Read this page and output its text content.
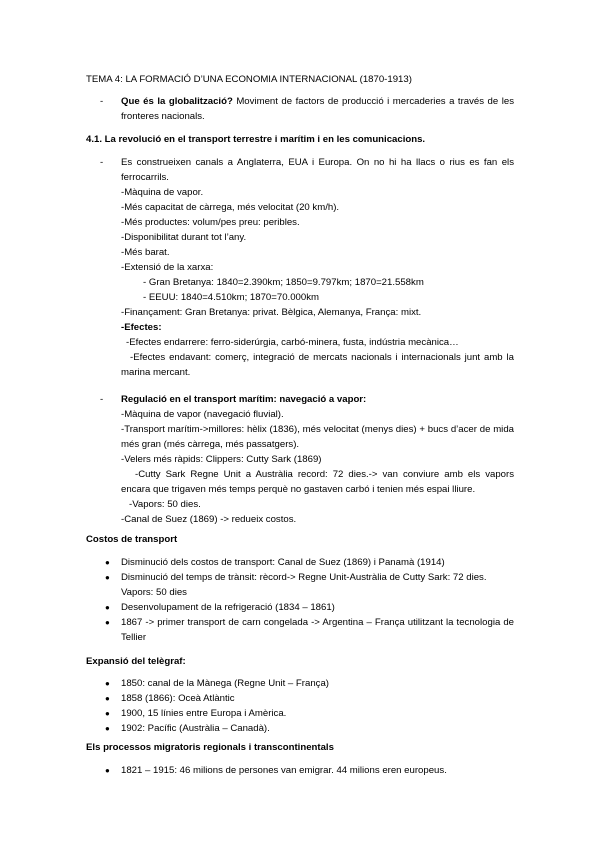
TEMA 4: LA FORMACIÓ D’UNA ECONOMIA INTERNACIONAL (1870-1913)
- Que és la globalització? Moviment de factors de producció i mercaderies a través de les fronteres nacionals.
4.1. La revolució en el transport terrestre i marítim i en les comunicacions.
- Es construeixen canals a Anglaterra, EUA i Europa. On no hi ha llacs o rius es fan els ferrocarrils.
-Màquina de vapor.
-Més capacitat de càrrega, més velocitat (20 km/h).
-Més productes: volum/pes preu: peribles.
-Disponibilitat durant tot l’any.
-Més barat.
-Extensió de la xarxa:
- Gran Bretanya: 1840=2.390km; 1850=9.797km; 1870=21.558km
- EEUU: 1840=4.510km; 1870=70.000km
-Finançament: Gran Bretanya: privat. Bèlgica, Alemanya, França: mixt.
-Efectes:
-Efectes endarrere: ferro-siderúrgia, carbó-minera, fusta, indústria mecànica…
-Efectes endavant: comerç, integració de mercats nacionals i internacionals junt amb la marina mercant.
- Regulació en el transport marítim: navegació a vapor:
-Màquina de vapor (navegació fluvial).
-Transport marítim->millores: hèlix (1836), més velocitat (menys dies) + bucs d’acer de mida més gran (més càrrega, més passatgers).
-Velers més ràpids: Clippers: Cutty Sark (1869)
-Cutty Sark Regne Unit a Austràlia record: 72 dies.-> van conviure amb els vapors encara que trigaven més temps perquè no gastaven carbó i tenien més espai lliure.
-Vapors: 50 dies.
-Canal de Suez (1869) -> redueix costos.
Costos de transport
● Disminució dels costos de transport: Canal de Suez (1869) i Panamà (1914)
● Disminució del temps de trànsit: rècord-> Regne Unit-Austràlia de Cutty Sark: 72 dies. Vapors: 50 dies
● Desenvolupament de la refrigeració (1834 – 1861)
● 1867 -> primer transport de carn congelada -> Argentina – França utilitzant la tecnologia de Tellier
Expansió del telègraf:
● 1850: canal de la Mànega (Regne Unit – França)
● 1858 (1866): Oceà Atlàntic
● 1900, 15 línies entre Europa i Amèrica.
● 1902: Pacífic (Austràlia – Canadà).
Els processos migratoris regionals i transcontinentals
● 1821 – 1915: 46 milions de persones van emigrar. 44 milions eren europeus.
